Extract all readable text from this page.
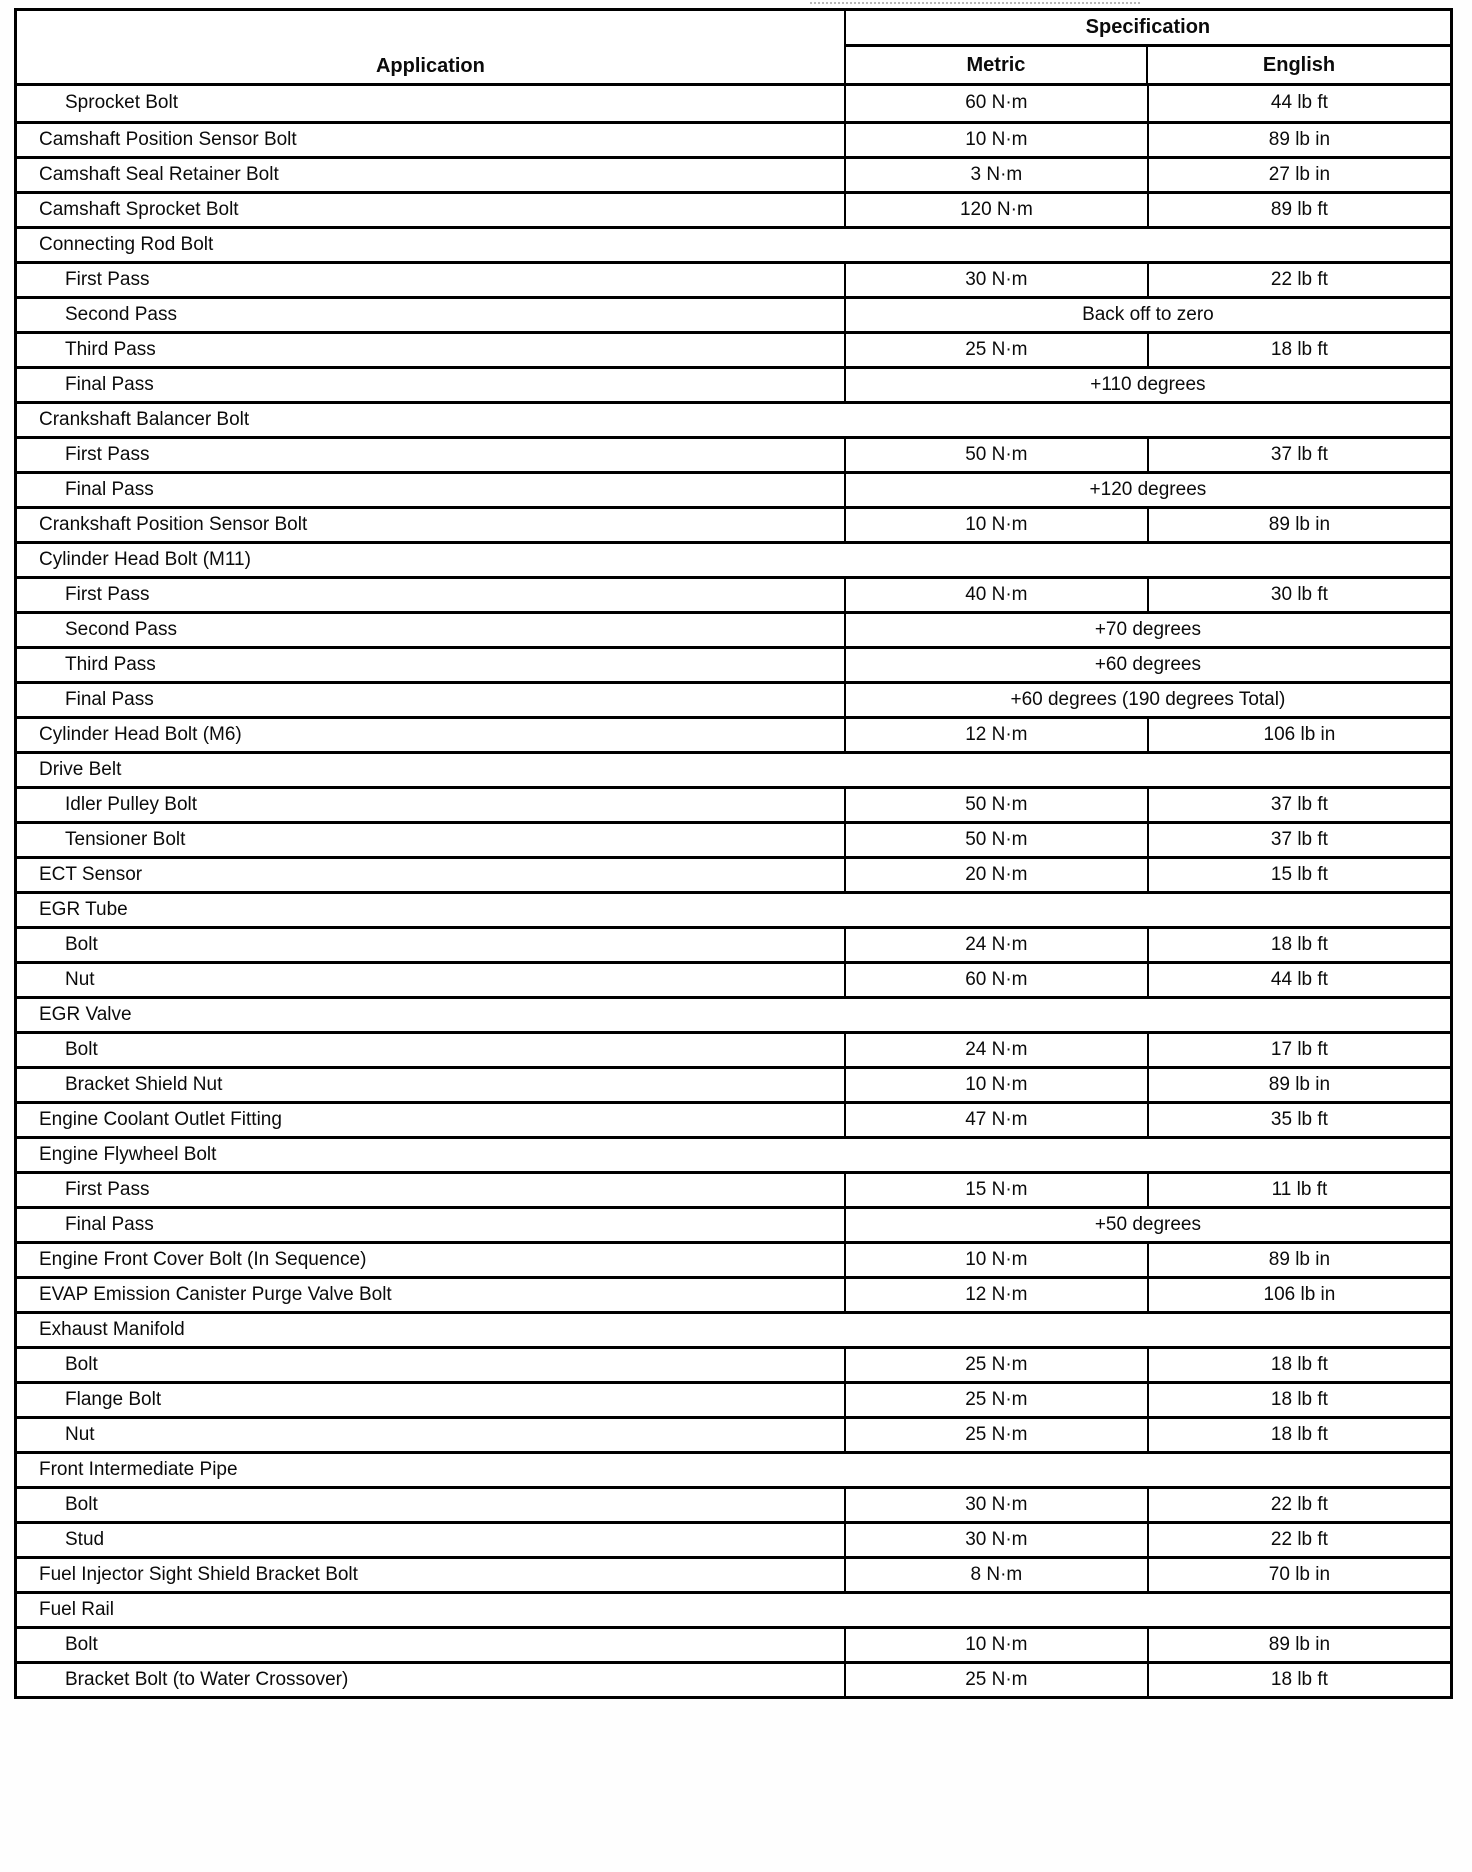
Application
Specification
Metric	English
Sprocket Bolt	60 N·m	44 lb ft
Camshaft Position Sensor Bolt	10 N·m	89 lb in
Camshaft Seal Retainer Bolt	3 N·m	27 lb in
Camshaft Sprocket Bolt	120 N·m	89 lb ft
Connecting Rod Bolt
First Pass	30 N·m	22 lb ft
Second Pass	Back off to zero
Third Pass	25 N·m	18 lb ft
Final Pass	+110 degrees
Crankshaft Balancer Bolt
First Pass	50 N·m	37 lb ft
Final Pass	+120 degrees
Crankshaft Position Sensor Bolt	10 N·m	89 lb in
Cylinder Head Bolt (M11)
First Pass	40 N·m	30 lb ft
Second Pass	+70 degrees
Third Pass	+60 degrees
Final Pass	+60 degrees (190 degrees Total)
Cylinder Head Bolt (M6)	12 N·m	106 lb in
Drive Belt
Idler Pulley Bolt	50 N·m	37 lb ft
Tensioner Bolt	50 N·m	37 lb ft
ECT Sensor	20 N·m	15 lb ft
EGR Tube
Bolt	24 N·m	18 lb ft
Nut	60 N·m	44 lb ft
EGR Valve
Bolt	24 N·m	17 lb ft
Bracket Shield Nut	10 N·m	89 lb in
Engine Coolant Outlet Fitting	47 N·m	35 lb ft
Engine Flywheel Bolt
First Pass	15 N·m	11 lb ft
Final Pass	+50 degrees
Engine Front Cover Bolt (In Sequence)	10 N·m	89 lb in
EVAP Emission Canister Purge Valve Bolt	12 N·m	106 lb in
Exhaust Manifold
Bolt	25 N·m	18 lb ft
Flange Bolt	25 N·m	18 lb ft
Nut	25 N·m	18 lb ft
Front Intermediate Pipe
Bolt	30 N·m	22 lb ft
Stud	30 N·m	22 lb ft
Fuel Injector Sight Shield Bracket Bolt	8 N·m	70 lb in
Fuel Rail
Bolt	10 N·m	89 lb in
Bracket Bolt (to Water Crossover)	25 N·m	18 lb ft
